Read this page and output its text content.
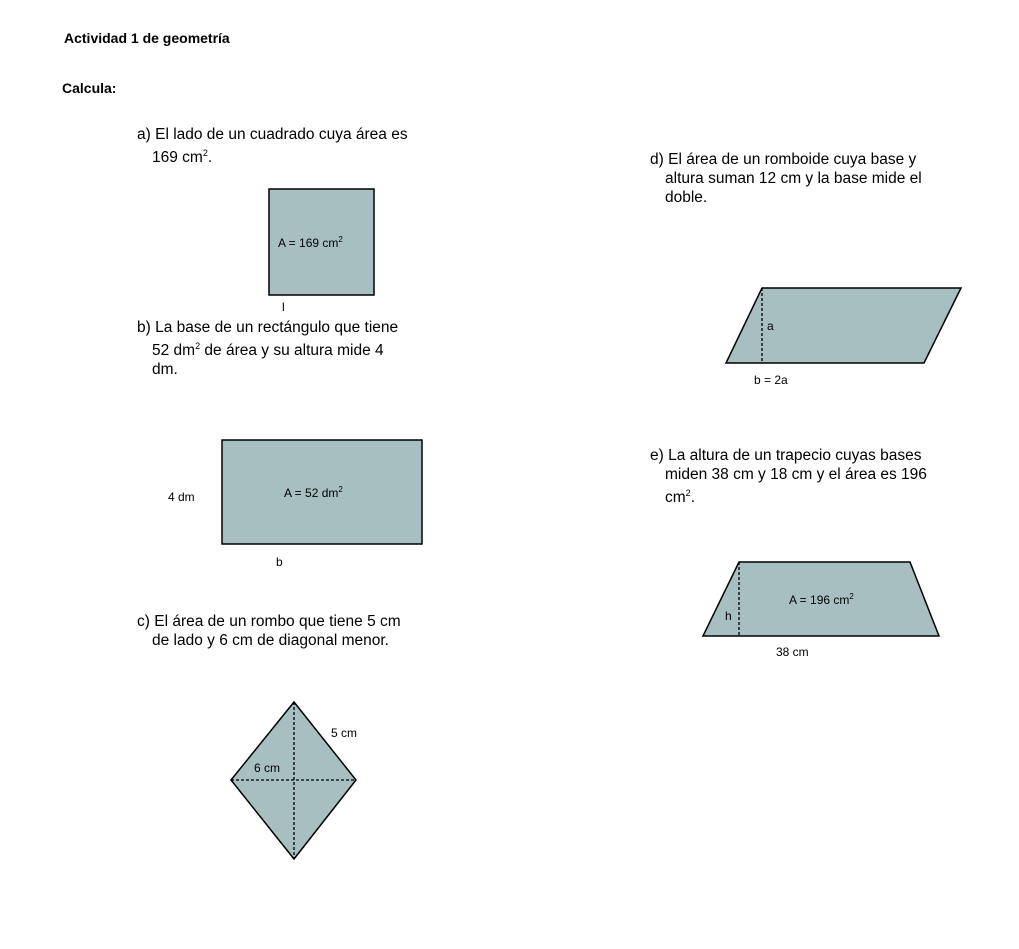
Actividad 1 de geometría
Calcula:
a) El lado de un cuadrado cuya área es
169 $cm^2$.
b) La base de un rectángulo que tiene
52 $dm^2$ de área y su altura mide 4
dm.
c) El área de un rombo que tiene 5 cm
de lado y 6 cm de diagonal menor.
d) El área de un romboide cuya base y
altura suman 12 cm y la base mide el
doble.
e) La altura de un trapecio cuyas bases
miden 38 cm y 18 cm y el área es 196
$cm^2$.
A = 169 $cm^2$
l
A = 52 $dm^2$
4 dm
b
5 cm
6 cm
a
b = 2a
A = 196 $cm^2$
h
38 cm
